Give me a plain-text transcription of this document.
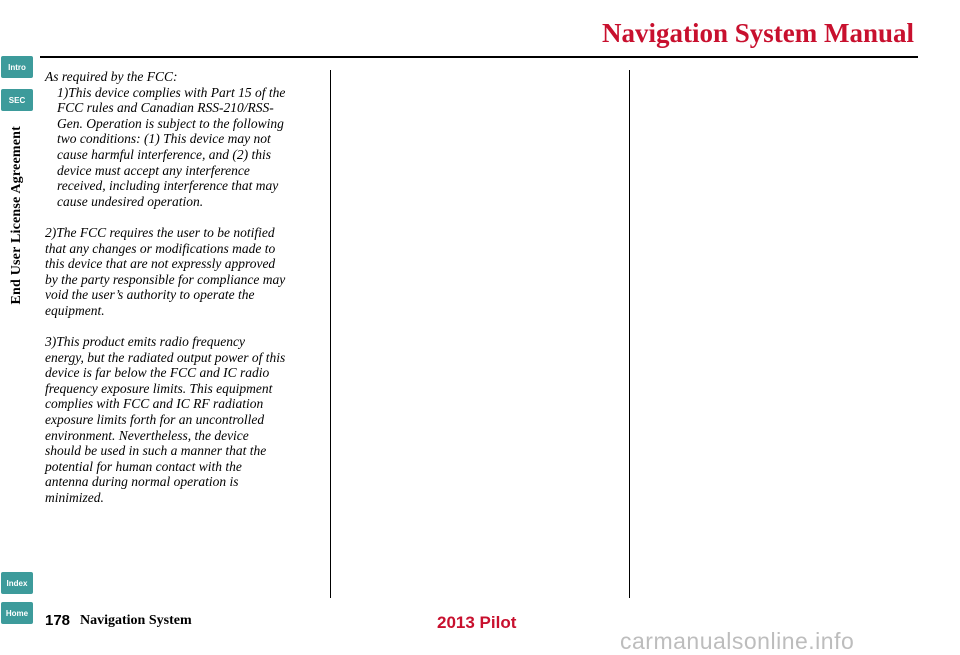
Navigation System Manual
Intro
SEC
Index
Home
End User License Agreement

As required by the FCC:
1)This device complies with Part 15 of the
FCC rules and Canadian RSS-210/RSS-
Gen. Operation is subject to the following
two conditions: (1) This device may not
cause harmful interference, and (2) this
device must accept any interference
received, including interference that may
cause undesired operation.

2)The FCC requires the user to be notified
that any changes or modifications made to
this device that are not expressly approved
by the party responsible for compliance may
void the user’s authority to operate the
equipment.

3)This product emits radio frequency
energy, but the radiated output power of this
device is far below the FCC and IC radio
frequency exposure limits. This equipment
complies with FCC and IC RF radiation
exposure limits forth for an uncontrolled
environment. Nevertheless, the device
should be used in such a manner that the
potential for human contact with the
antenna during normal operation is
minimized.

178 Navigation System	2013 Pilot
carmanualsonline.info
